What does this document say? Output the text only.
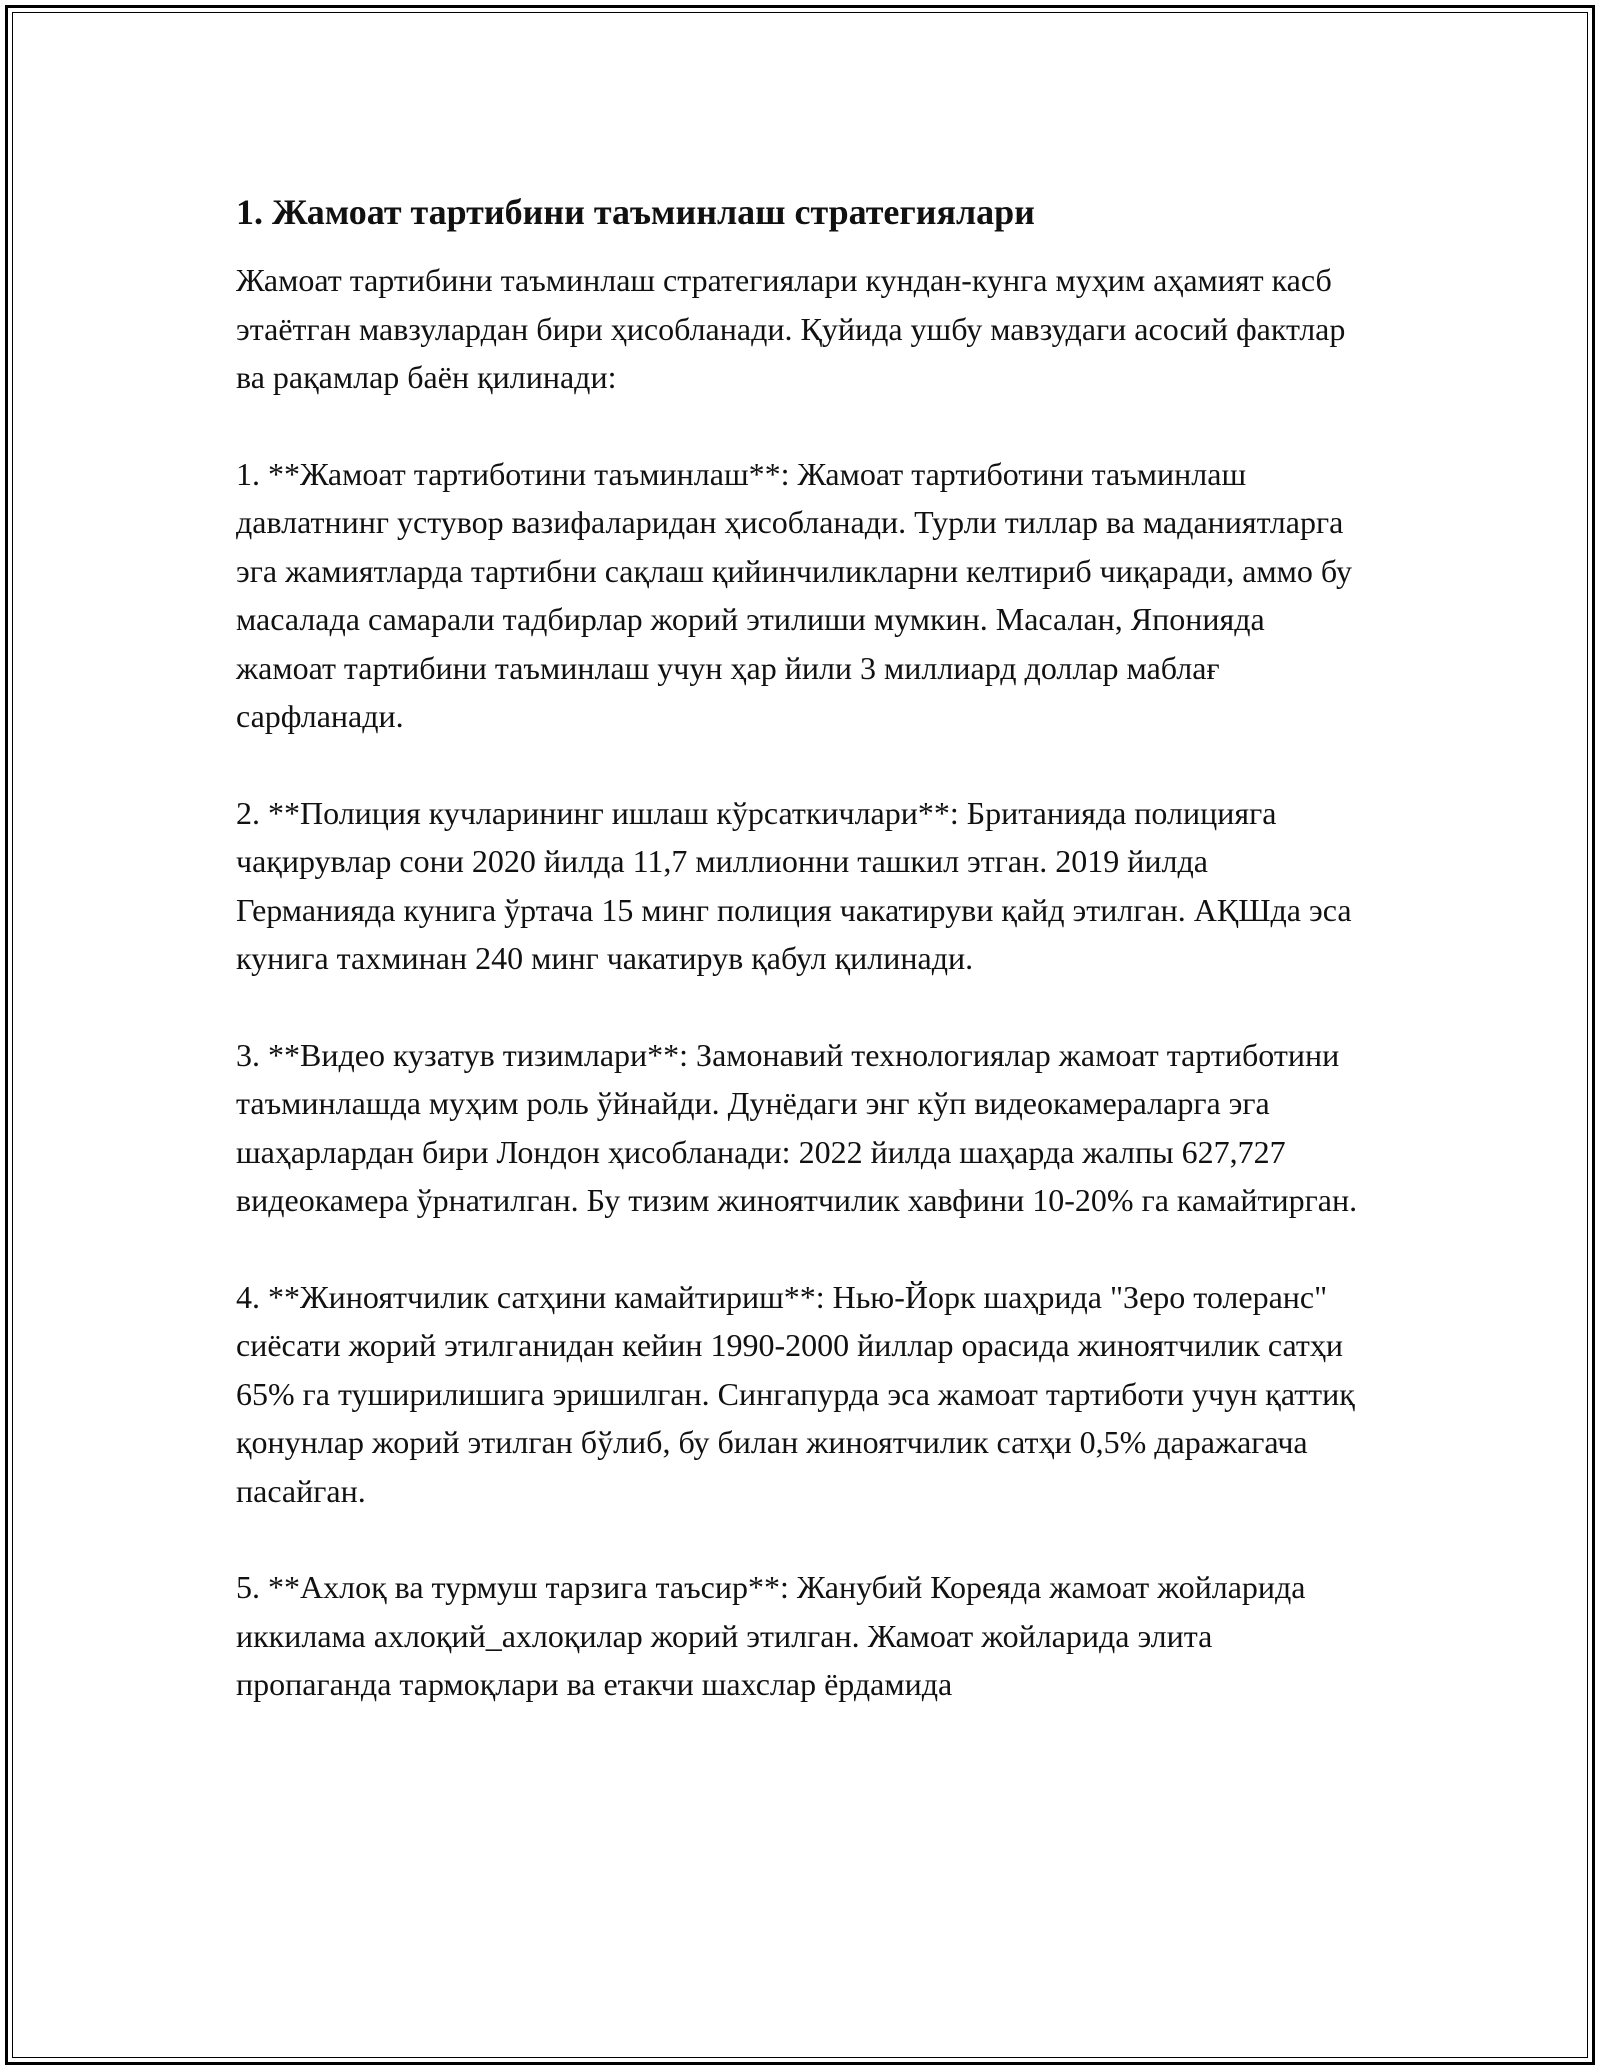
1. Жамоат тартибини таъминлаш стратегиялари

Жамоат тартибини таъминлаш стратегиялари кундан-кунга муҳим аҳамият касб этаётган мавзулардан бири ҳисобланади. Қуйида ушбу мавзудаги асосий фактлар ва рақамлар баён қилинади:

1. **Жамоат тартиботини таъминлаш**: Жамоат тартиботини таъминлаш давлатнинг устувор вазифаларидан ҳисобланади. Турли тиллар ва маданиятларга эга жамиятларда тартибни сақлаш қийинчиликларни келтириб чиқаради, аммо бу масалада самарали тадбирлар жорий этилиши мумкин. Масалан, Японияда жамоат тартибини таъминлаш учун ҳар йили 3 миллиард доллар маблағ сарфланади.

2. **Полиция кучларининг ишлаш кўрсаткичлари**: Британияда полицияга чақирувлар сони 2020 йилда 11,7 миллионни ташкил этган. 2019 йилда Германияда кунига ўртача 15 минг полиция чакатируви қайд этилган. АҚШда эса кунига тахминан 240 минг чакатирув қабул қилинади.

3. **Видео кузатув тизимлари**: Замонавий технологиялар жамоат тартиботини таъминлашда муҳим роль ўйнайди. Дунёдаги энг кўп видеокамераларга эга шаҳарлардан бири Лондон ҳисобланади: 2022 йилда шаҳарда жалпы 627,727 видеокамера ўрнатилган. Бу тизим жиноятчилик хавфини 10-20% га камайтирган.

4. **Жиноятчилик сатҳини камайтириш**: Нью-Йорк шаҳрида "Зеро толеранс" сиёсати жорий этилганидан кейин 1990-2000 йиллар орасида жиноятчилик сатҳи 65% га туширилишига эришилган. Сингапурда эса жамоат тартиботи учун қаттиқ қонунлар жорий этилган бўлиб, бу билан жиноятчилик сатҳи 0,5% даражагача пасайган.

5. **Ахлоқ ва турмуш тарзига таъсир**: Жанубий Кореяда жамоат жойларида иккилама ахлоқий_ахлоқилар жорий этилган. Жамоат жойларида элита пропаганда тармоқлари ва етакчи шахслар ёрдамида
